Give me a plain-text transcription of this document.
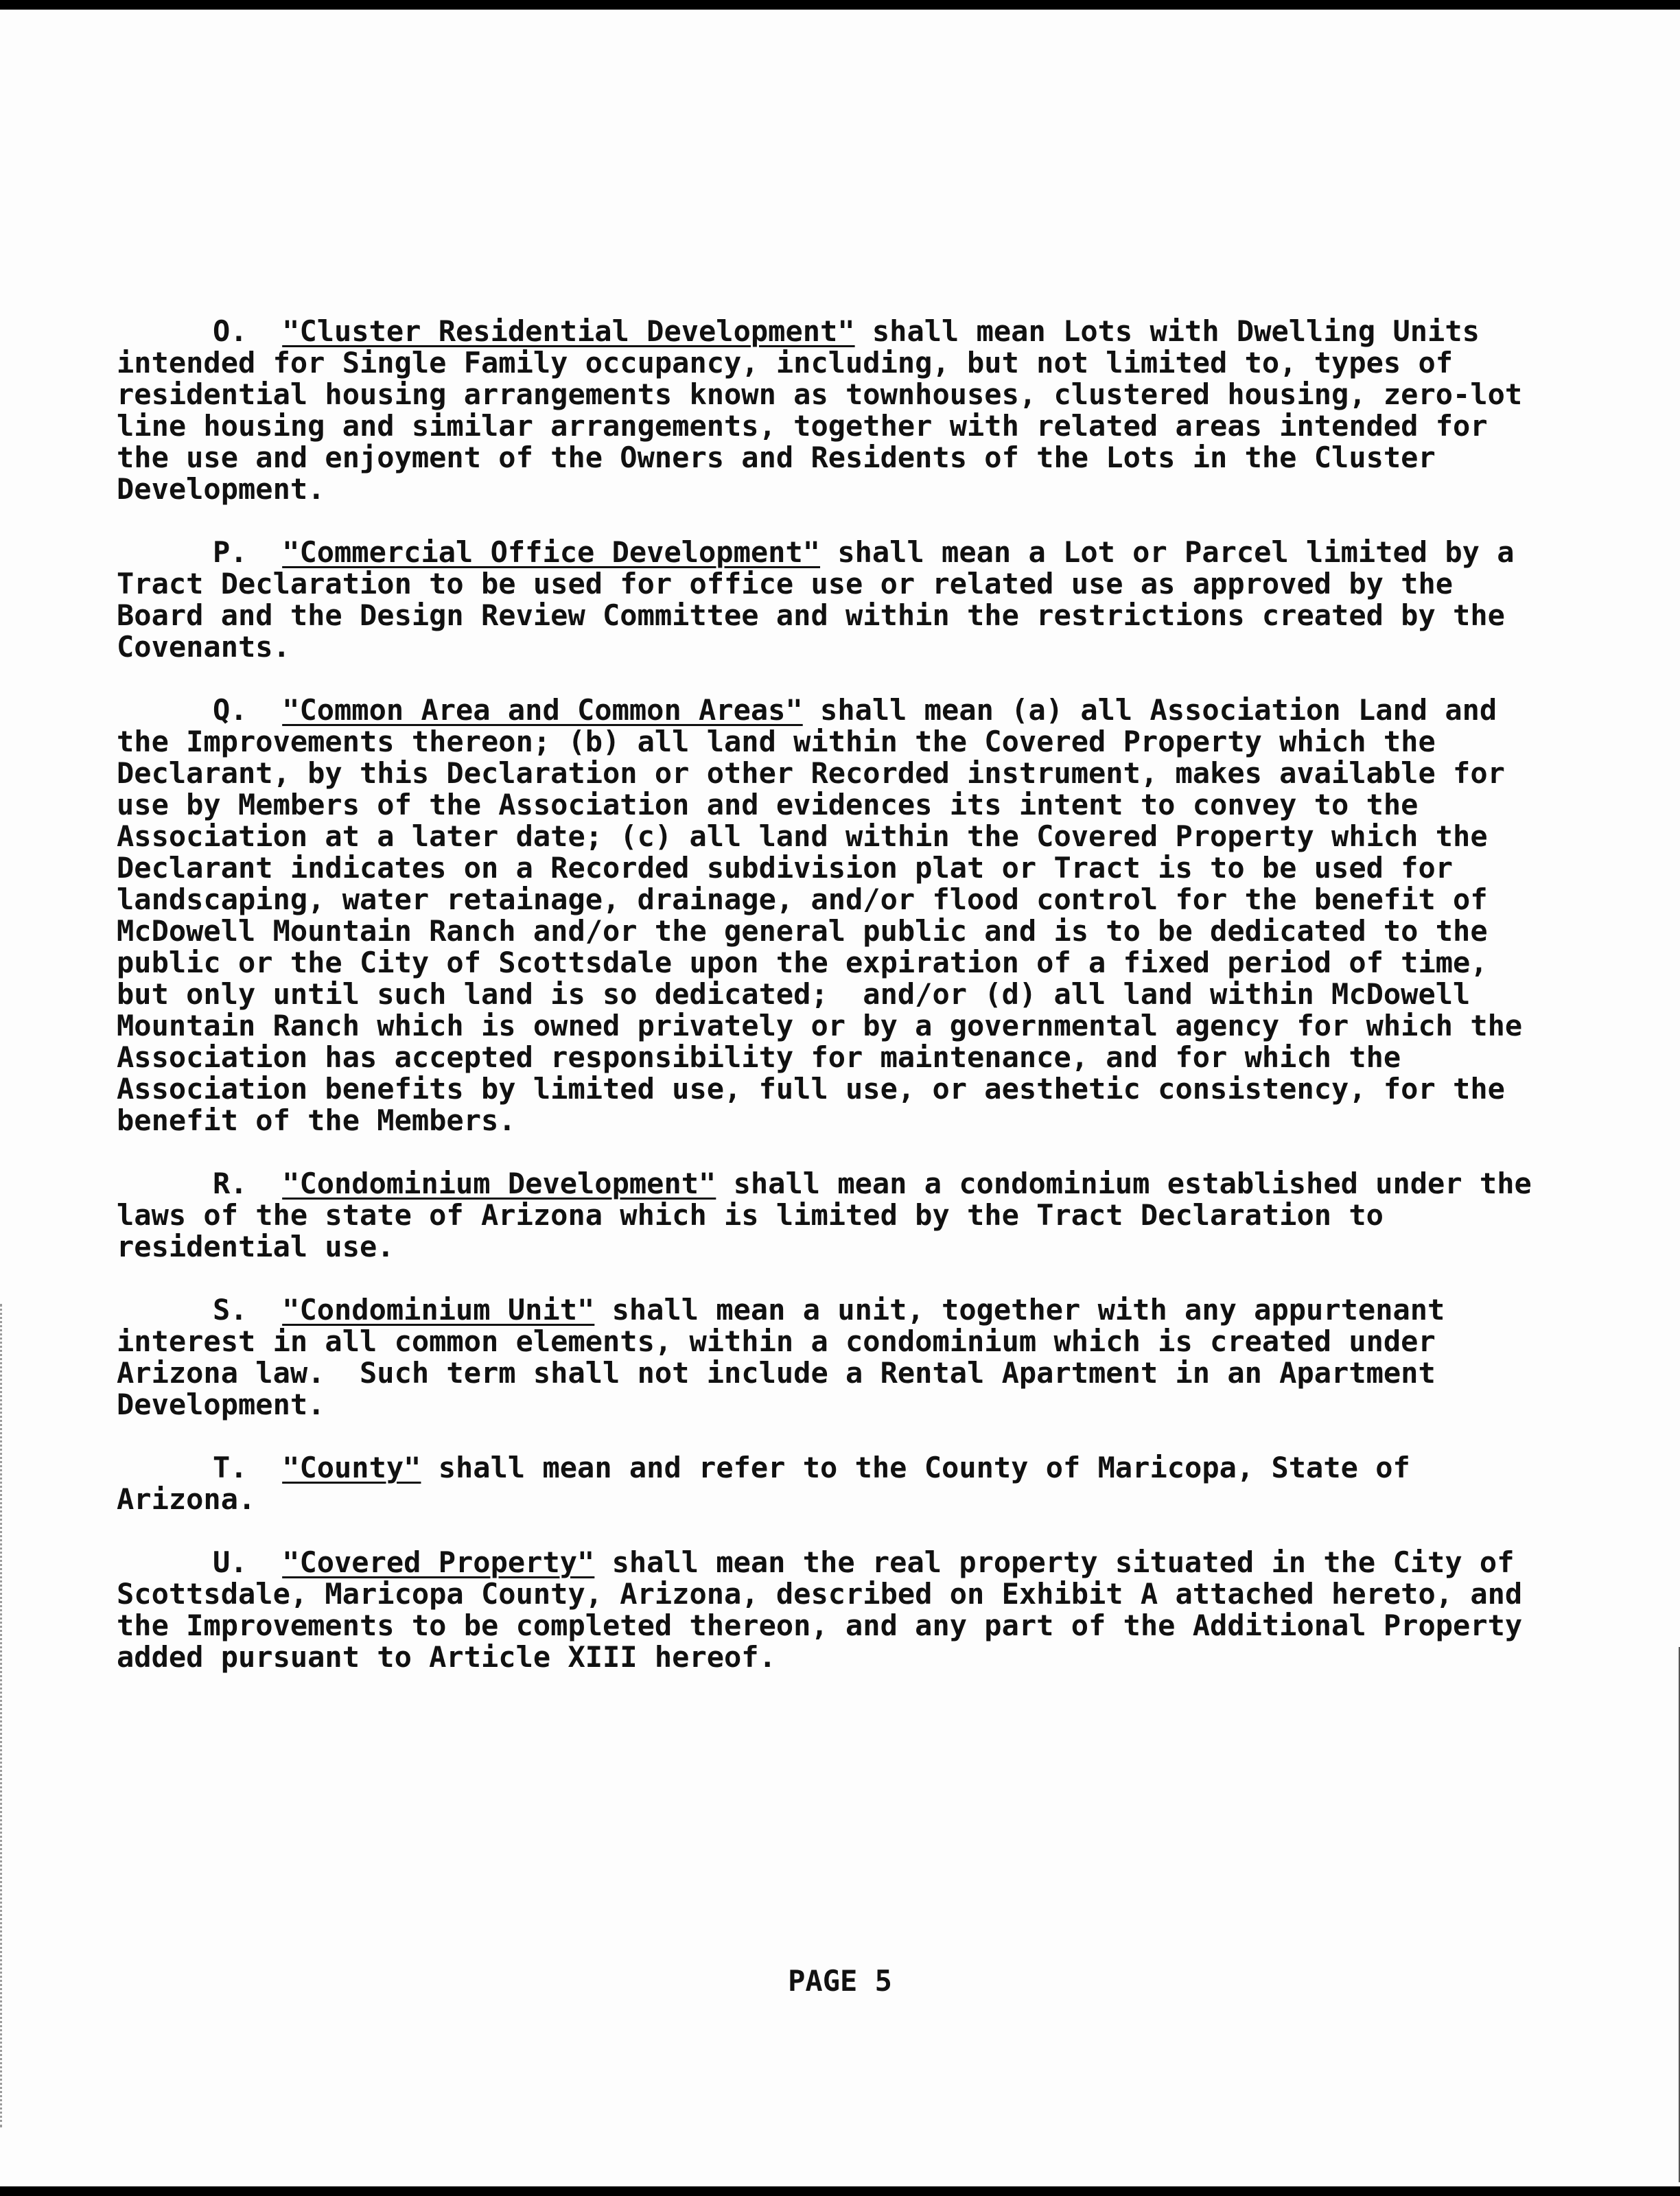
O. "Cluster Residential Development" shall mean Lots with Dwelling Units intended for Single Family occupancy, including, but not limited to, types of residential housing arrangements known as townhouses, clustered housing, zero-lot line housing and similar arrangements, together with related areas intended for the use and enjoyment of the Owners and Residents of the Lots in the Cluster Development.

P. "Commercial Office Development" shall mean a Lot or Parcel limited by a Tract Declaration to be used for office use or related use as approved by the Board and the Design Review Committee and within the restrictions created by the Covenants.

Q. "Common Area and Common Areas" shall mean (a) all Association Land and the Improvements thereon; (b) all land within the Covered Property which the Declarant, by this Declaration or other Recorded instrument, makes available for use by Members of the Association and evidences its intent to convey to the Association at a later date; (c) all land within the Covered Property which the Declarant indicates on a Recorded subdivision plat or Tract is to be used for landscaping, water retainage, drainage, and/or flood control for the benefit of McDowell Mountain Ranch and/or the general public and is to be dedicated to the public or the City of Scottsdale upon the expiration of a fixed period of time, but only until such land is so dedicated;  and/or (d) all land within McDowell Mountain Ranch which is owned privately or by a governmental agency for which the Association has accepted responsibility for maintenance, and for which the Association benefits by limited use, full use, or aesthetic consistency, for the benefit of the Members.

R. "Condominium Development" shall mean a condominium established under the laws of the state of Arizona which is limited by the Tract Declaration to residential use.

S. "Condominium Unit" shall mean a unit, together with any appurtenant interest in all common elements, within a condominium which is created under Arizona law.  Such term shall not include a Rental Apartment in an Apartment Development.

T. "County" shall mean and refer to the County of Maricopa, State of Arizona.

U. "Covered Property" shall mean the real property situated in the City of Scottsdale, Maricopa County, Arizona, described on Exhibit A attached hereto, and the Improvements to be completed thereon, and any part of the Additional Property added pursuant to Article XIII hereof.

PAGE 5
